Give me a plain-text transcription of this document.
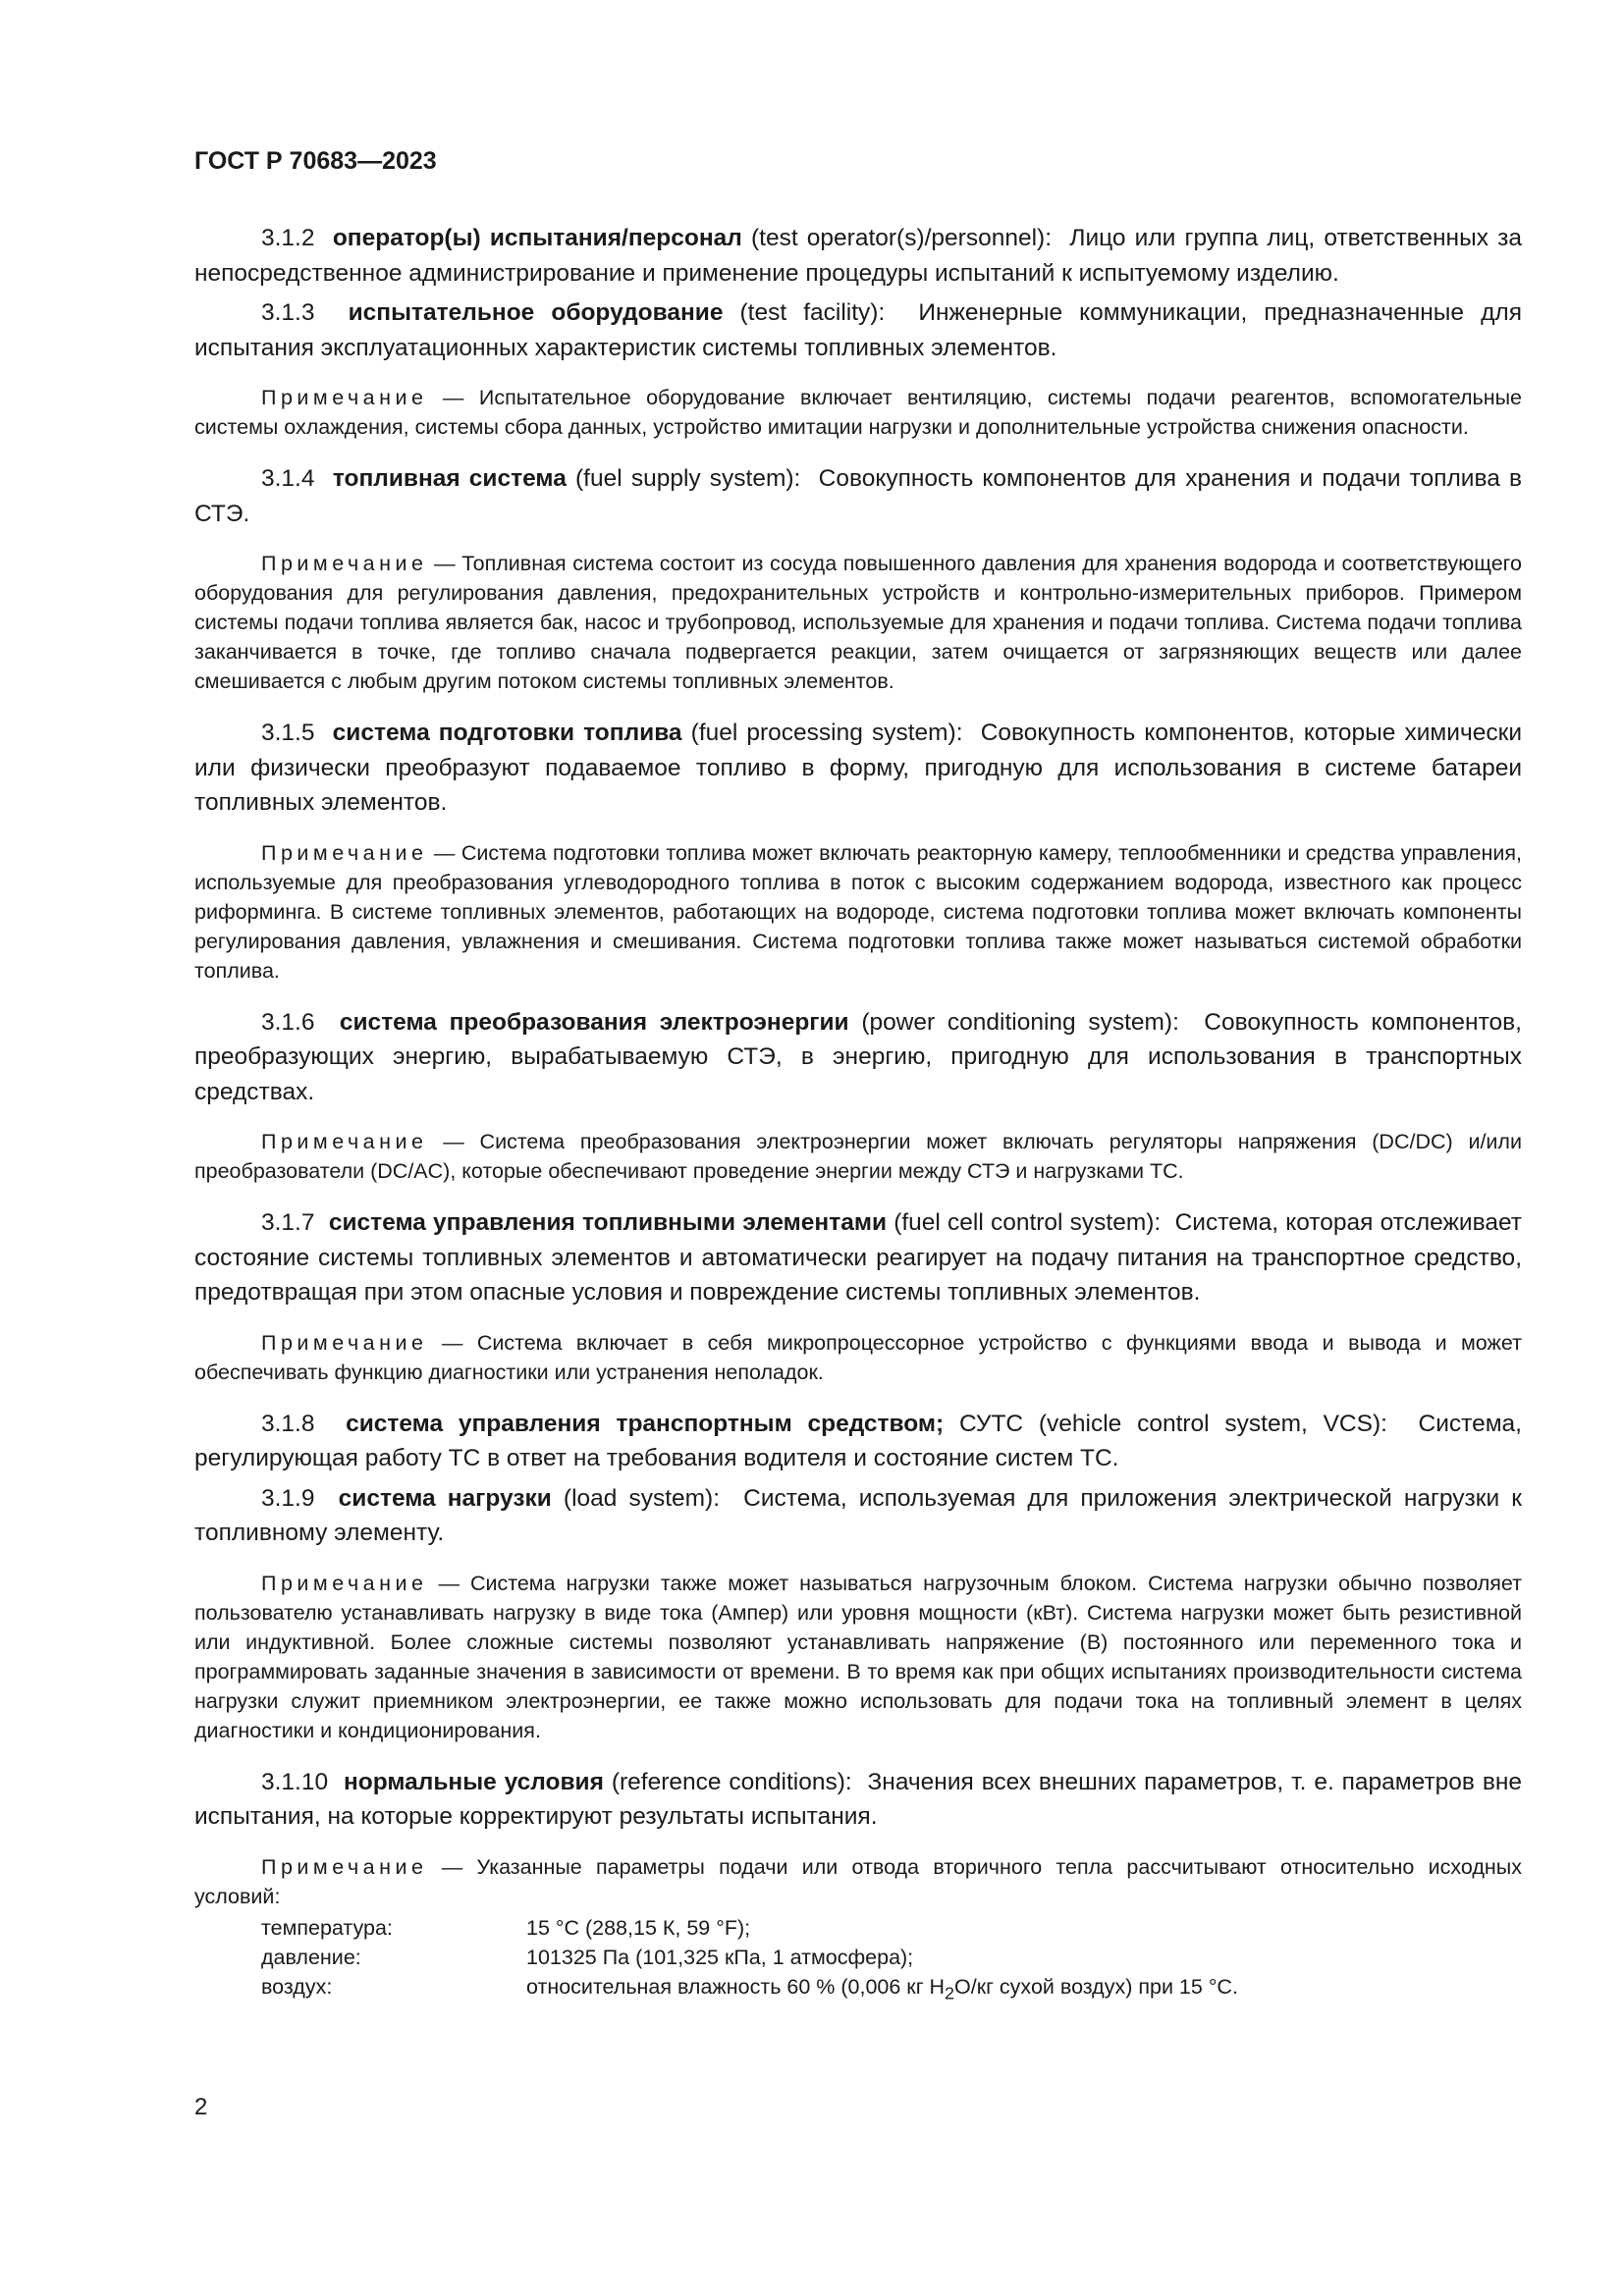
ГОСТ Р 70683—2023

3.1.2 оператор(ы) испытания/персонал (test operator(s)/personnel): Лицо или группа лиц, ответственных за непосредственное администрирование и применение процедуры испытаний к испытуемому изделию.

3.1.3 испытательное оборудование (test facility): Инженерные коммуникации, предназначенные для испытания эксплуатационных характеристик системы топливных элементов.

Примечание — Испытательное оборудование включает вентиляцию, системы подачи реагентов, вспомогательные системы охлаждения, системы сбора данных, устройство имитации нагрузки и дополнительные устройства снижения опасности.

3.1.4 топливная система (fuel supply system): Совокупность компонентов для хранения и подачи топлива в СТЭ.

Примечание — Топливная система состоит из сосуда повышенного давления для хранения водорода и соответствующего оборудования для регулирования давления, предохранительных устройств и контрольно-измерительных приборов. Примером системы подачи топлива является бак, насос и трубопровод, используемые для хранения и подачи топлива. Система подачи топлива заканчивается в точке, где топливо сначала подвергается реакции, затем очищается от загрязняющих веществ или далее смешивается с любым другим потоком системы топливных элементов.

3.1.5 система подготовки топлива (fuel processing system): Совокупность компонентов, которые химически или физически преобразуют подаваемое топливо в форму, пригодную для использования в системе батареи топливных элементов.

Примечание — Система подготовки топлива может включать реакторную камеру, теплообменники и средства управления, используемые для преобразования углеводородного топлива в поток с высоким содержанием водорода, известного как процесс риформинга. В системе топливных элементов, работающих на водороде, система подготовки топлива может включать компоненты регулирования давления, увлажнения и смешивания. Система подготовки топлива также может называться системой обработки топлива.

3.1.6 система преобразования электроэнергии (power conditioning system): Совокупность компонентов, преобразующих энергию, вырабатываемую СТЭ, в энергию, пригодную для использования в транспортных средствах.

Примечание — Система преобразования электроэнергии может включать регуляторы напряжения (DC/DC) и/или преобразователи (DC/AC), которые обеспечивают проведение энергии между СТЭ и нагрузками ТС.

3.1.7 система управления топливными элементами (fuel cell control system): Система, которая отслеживает состояние системы топливных элементов и автоматически реагирует на подачу питания на транспортное средство, предотвращая при этом опасные условия и повреждение системы топливных элементов.

Примечание — Система включает в себя микропроцессорное устройство с функциями ввода и вывода и может обеспечивать функцию диагностики или устранения неполадок.

3.1.8 система управления транспортным средством; СУТС (vehicle control system, VCS): Система, регулирующая работу ТС в ответ на требования водителя и состояние систем ТС.

3.1.9 система нагрузки (load system): Система, используемая для приложения электрической нагрузки к топливному элементу.

Примечание — Система нагрузки также может называться нагрузочным блоком. Система нагрузки обычно позволяет пользователю устанавливать нагрузку в виде тока (Ампер) или уровня мощности (кВт). Система нагрузки может быть резистивной или индуктивной. Более сложные системы позволяют устанавливать напряжение (В) постоянного или переменного тока и программировать заданные значения в зависимости от времени. В то время как при общих испытаниях производительности система нагрузки служит приемником электроэнергии, ее также можно использовать для подачи тока на топливный элемент в целях диагностики и кондиционирования.

3.1.10 нормальные условия (reference conditions): Значения всех внешних параметров, т. е. параметров вне испытания, на которые корректируют результаты испытания.

Примечание — Указанные параметры подачи или отвода вторичного тепла рассчитывают относительно исходных условий:

температура:	15 °C (288,15 К, 59 °F);
давление:	101325 Па (101,325 кПа, 1 атмосфера);
воздух:	относительная влажность 60 % (0,006 кг $H_2O/кг$ сухой воздух) при 15 °C.
2
